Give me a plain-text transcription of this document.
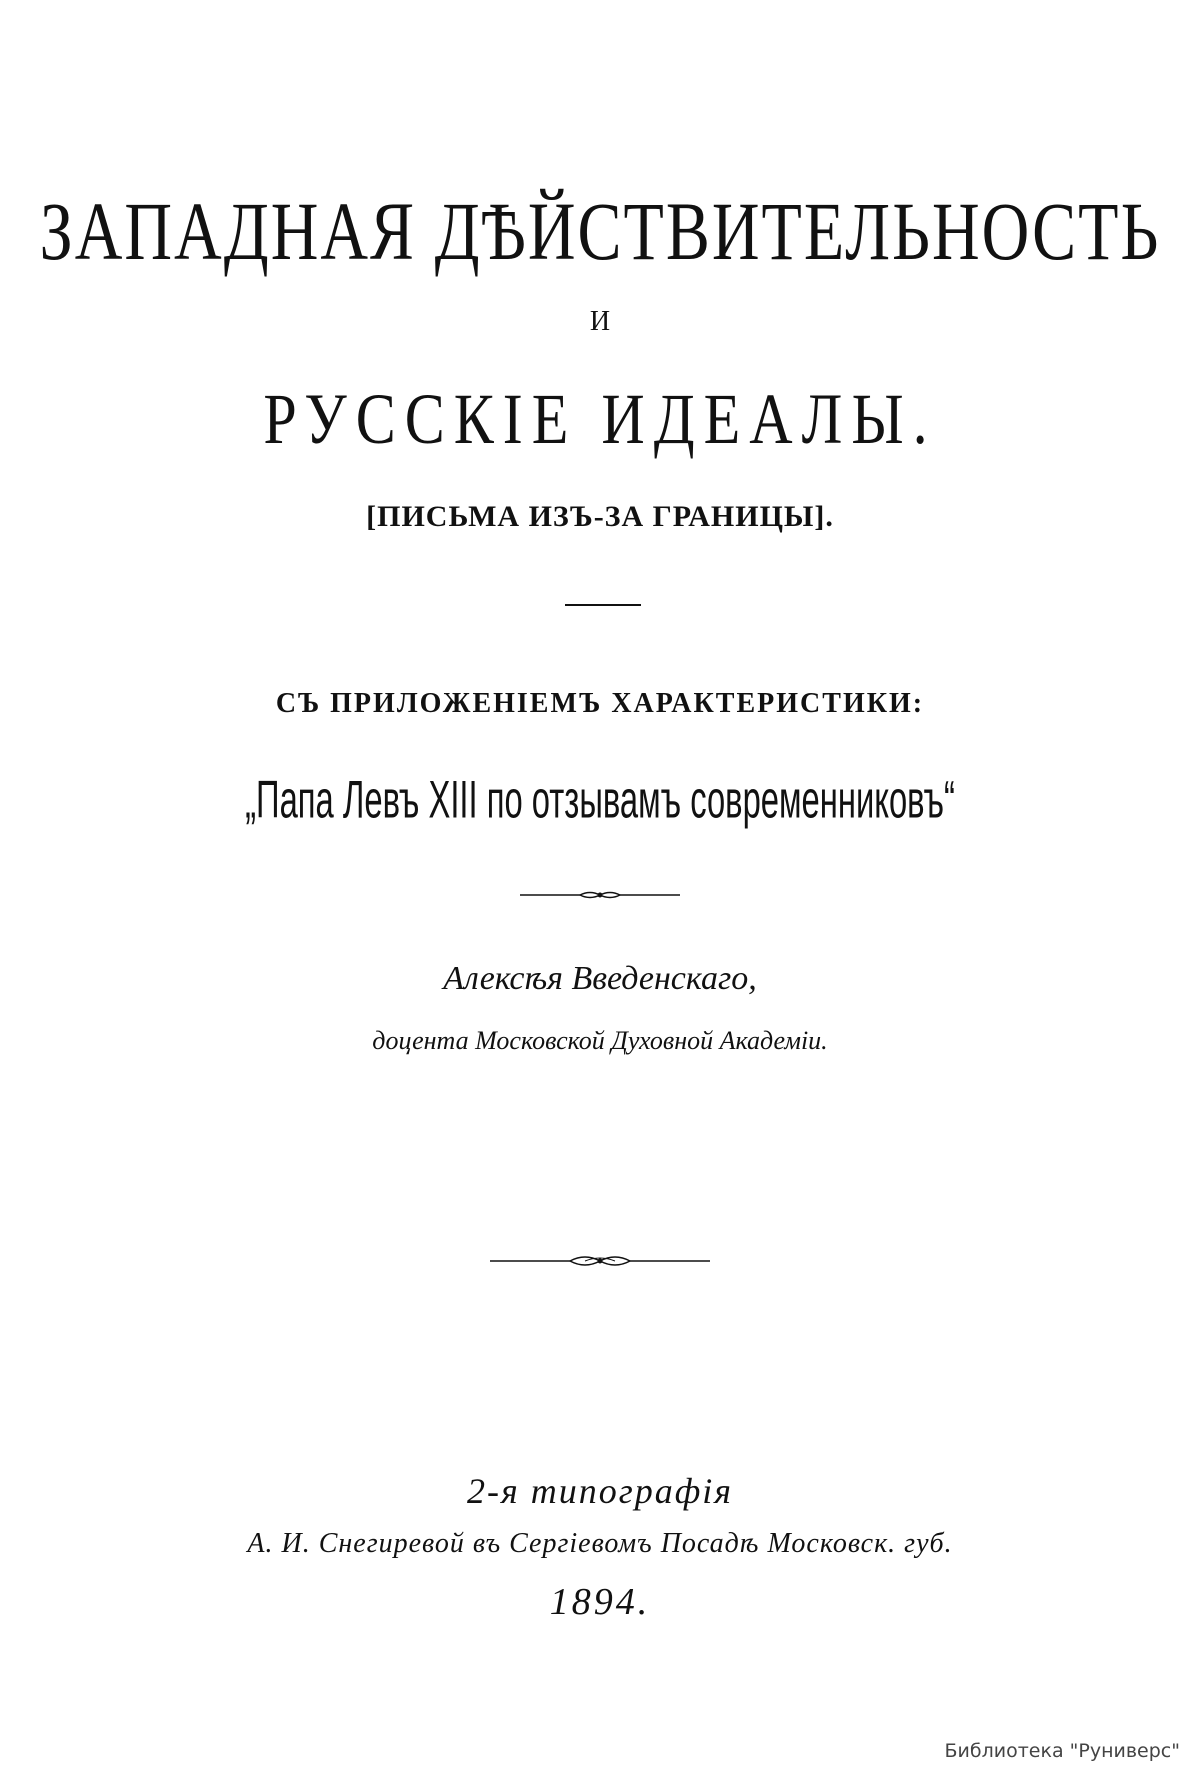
ЗАПАДНАЯ ДѢЙСТВИТЕЛЬНОСТЬ
И
РУССКІЕ ИДЕАЛЫ.
[ПИСЬМА ИЗЪ-ЗА ГРАНИЦЫ].
СЪ ПРИЛОЖЕНІЕМЪ ХАРАКТЕРИСТИКИ:
„Папа Левъ XIII по отзывамъ современниковъ“
Алексѣя Введенскаго,
доцента Московской Духовной Академіи.
2-я типографія
А. И. Снегиревой въ Сергіевомъ Посадѣ Московск. губ.
1894.
Библиотека "Руниверс"
